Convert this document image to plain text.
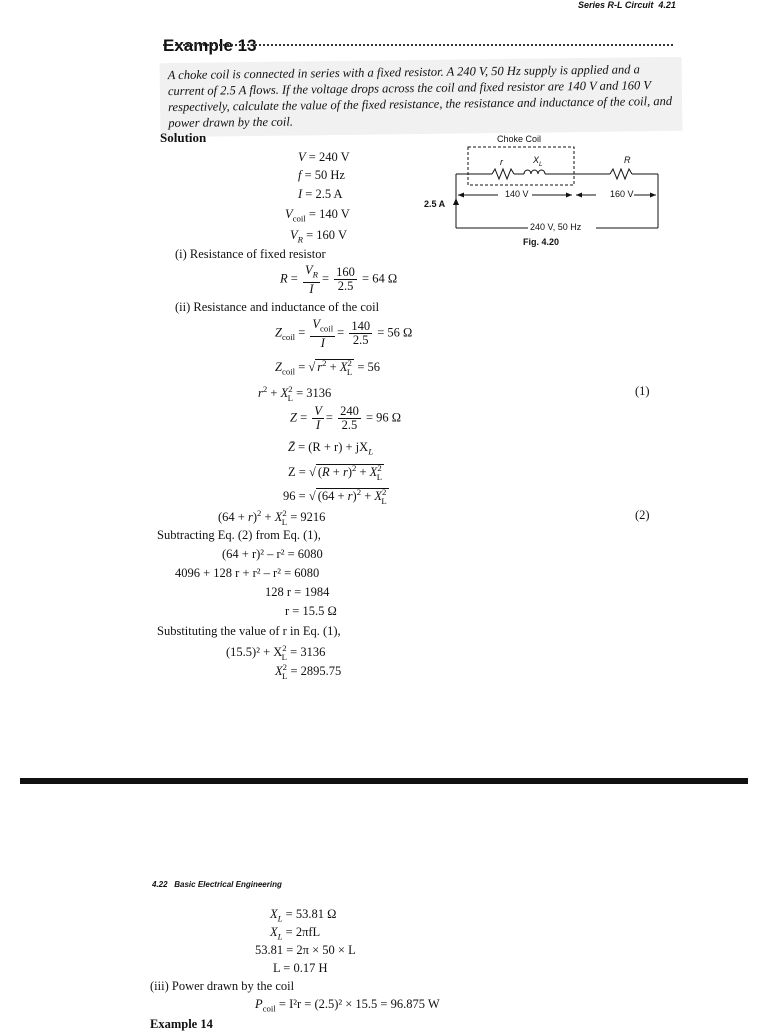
Series R-L Circuit 4.21
Example 13
A choke coil is connected in series with a fixed resistor. A 240 V, 50 Hz supply is applied and a current of 2.5 A flows. If the voltage drops across the coil and fixed resistor are 140 V and 160 V respectively, calculate the value of the fixed resistance, the resistance and inductance of the coil, and power drawn by the coil.
Solution
V = 240 V
f = 50 Hz
I = 2.5 A
$V_{coil} = 140$ V
$V_R = 160$ V
(i) Resistance of fixed resistor
$R = \frac{V_R}{I} = \frac{160}{2.5} = 64$ Ω
(ii) Resistance and inductance of the coil
$Z_{coil} = \frac{V_{coil}}{I} = \frac{140}{2.5} = 56$ Ω
$Z_{coil}$ = √ $r^2 + X^2_L = 56$
$r^2 + X^2_L = 3136$	(1)
$Z = \frac{V}{I} = \frac{240}{2.5} = 96$ Ω
Z̄ = $(R + r) + jX_L$
Z = √ $(R + r)^2 + X^2_L$
96 = √ $(64 + r)^2 + X^2_L$
$(64 + r)^2 + X^2_L = 9216$	(2)
Subtracting Eq. (2) from Eq. (1),
(64 + r)² – r² = 6080
4096 + 128 r + r² – r² = 6080
128 r = 1984
r = 15.5 Ω
Substituting the value of r in Eq. (1),
$(15.5)^2 + X^2_L = 3136$
$X^2_L = 2895.75$
Choke Coil
r	$X_L$	R
2.5 A
140 V	160 V
240 V, 50 Hz
Fig. 4.20
4.22 Basic Electrical Engineering
$X_L = 53.81$ Ω
$X_L = 2\pi fL$
53.81 = 2π × 50 × L
L = 0.17 H
(iii) Power drawn by the coil
$P_{coil} = I^2r = (2.5)^2 \times 15.5 = 96.875$ W
Example 14
